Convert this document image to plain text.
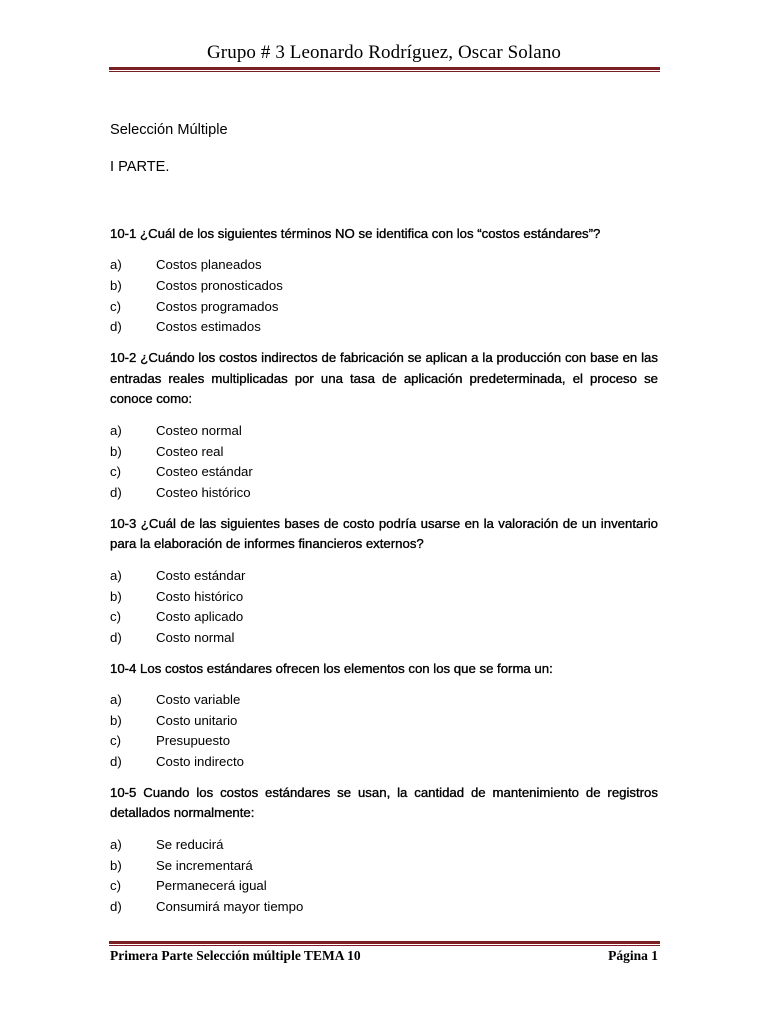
Grupo # 3 Leonardo Rodríguez, Oscar Solano

Selección Múltiple

I PARTE.

10-1 ¿Cuál de los siguientes términos NO se identifica con los “costos estándares”?

a)	Costos planeados
b)	Costos pronosticados
c)	Costos programados
d)	Costos estimados

10-2 ¿Cuándo los costos indirectos de fabricación se aplican a la producción con base en las entradas reales multiplicadas por una tasa de aplicación predeterminada, el proceso se conoce como:

a)	Costeo normal
b)	Costeo real
c)	Costeo estándar
d)	Costeo histórico

10-3 ¿Cuál de las siguientes bases de costo podría usarse en la valoración de un inventario para la elaboración de informes financieros externos?

a)	Costo estándar
b)	Costo histórico
c)	Costo aplicado
d)	Costo normal

10-4 Los costos estándares ofrecen los elementos con los que se forma un:

a)	Costo variable
b)	Costo unitario
c)	Presupuesto
d)	Costo indirecto

10-5 Cuando los costos estándares se usan, la cantidad de mantenimiento de registros detallados normalmente:

a)	Se reducirá
b)	Se incrementará
c)	Permanecerá igual
d)	Consumirá mayor tiempo
Primera Parte Selección múltiple TEMA 10	Página 1
